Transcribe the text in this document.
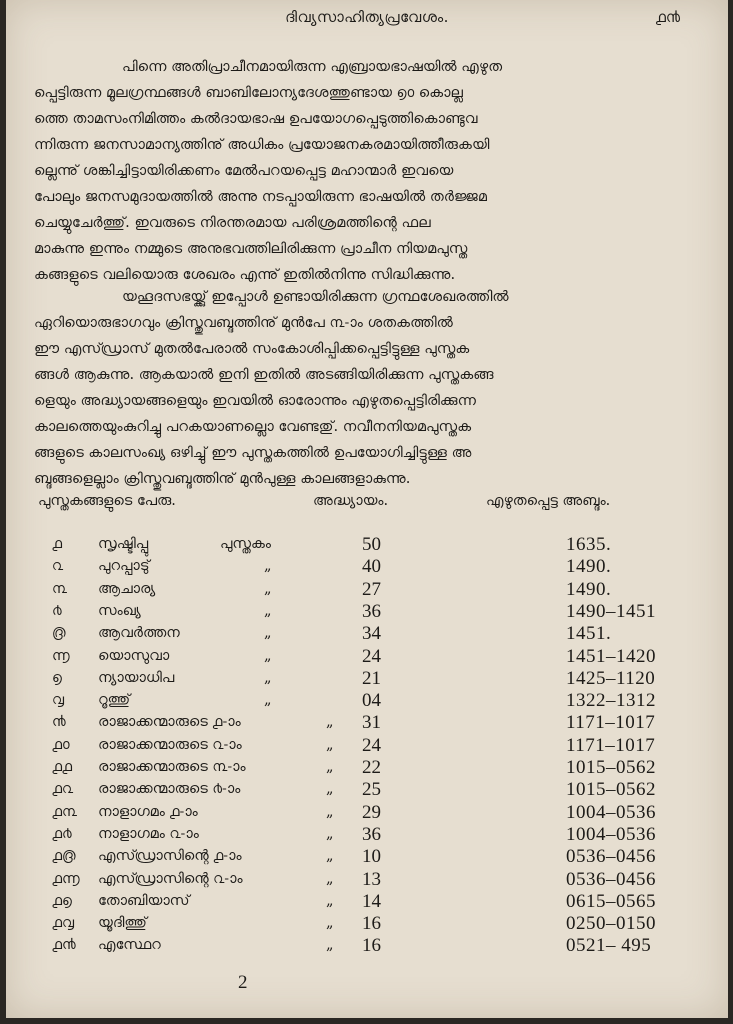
ദിവ്യസാഹിത്യപ്രവേശം.	൧൯
പിന്നെ അതിപ്രാചീനമായിരുന്ന എബ്രായഭാഷയിൽ എഴുത
പ്പെട്ടിരുന്ന മൂലഗ്രന്ഥങ്ങൾ ബാബിലോന്യദേശത്തുണ്ടായ ൭൦ കൊല്ല
ത്തെ താമസംനിമിത്തം കൽദായഭാഷ ഉപയോഗപ്പെടുത്തികൊണ്ടുവ
ന്നിരുന്ന ജനസാമാന്യത്തിനു് അധികം പ്രയോജനകരമായിത്തീരുകയി
ല്ലെന്നു് ശങ്കിച്ചിട്ടായിരിക്കണം മേൽപറയപ്പെട്ട മഹാന്മാർ ഇവയെ
പോലും ജനസമുദായത്തിൽ അന്നു നടപ്പായിരുന്ന ഭാഷയിൽ തർജ്ജമ
ചെയ്യുചേർത്തു്. ഇവരുടെ നിരന്തരമായ പരിശ്രമത്തിന്റെ ഫല
മാകുന്നു ഇന്നും നമ്മുടെ അനുഭവത്തിലിരിക്കുന്ന പ്രാചീന നിയമപുസ്ത
കങ്ങളുടെ വലിയൊരു ശേഖരം എന്നു് ഇതിൽനിന്നു സിദ്ധിക്കുന്നു.
യഹൂദസഭയ്ക്കു് ഇപ്പോൾ ഉണ്ടായിരിക്കുന്ന ഗ്രന്ഥശേഖരത്തിൽ
ഏറിയൊരുഭാഗവും ക്രിസ്തുവബ്ദത്തിനു് മുൻപേ ൩-ാം ശതകത്തിൽ
ഈ എസ്ഡ്രാസ് മുതൽപേരാൽ സംകോശിപ്പിക്കപ്പെട്ടിട്ടുള്ള പുസ്തക
ങ്ങൾ ആകുന്നു. ആകയാൽ ഇനി ഇതിൽ അടങ്ങിയിരിക്കുന്ന പുസ്തകങ്ങ
ളെയും അദ്ധ്യായങ്ങളെയും ഇവയിൽ ഓരോന്നും എഴുതപ്പെട്ടിരിക്കുന്ന
കാലത്തെയുംകുറിച്ചു പറകയാണല്ലൊ വേണ്ടതു്. നവീനനിയമപുസ്തക
ങ്ങളുടെ കാലസംഖ്യ ഒഴിച്ചു് ഈ പുസ്തകത്തിൽ ഉപയോഗിച്ചിട്ടുള്ള അ
ബ്ദങ്ങളെല്ലാം ക്രിസ്തുവബ്ദത്തിനു് മുൻപുള്ള കാലങ്ങളാകുന്നു.
പുസ്തകങ്ങളുടെ പേരു.	അദ്ധ്യായം.	എഴുതപ്പെട്ട അബ്ദം.
൧ സൃഷ്ടിപ്പു	പുസ്തകം	50	1635.
൨ പുറപ്പാടു്	„	40	1490.
൩ ആചാര്യ	„	27	1490.
൪	സംഖ്യ	„	36	1490–1451
൫ ആവർത്തന	„	34	1451.
൬ യൊസുവാ	„	24	1451–1420
൭ ന്യായാധിപ	„	21	1425–1120
൮ റൂത്തു്	„	04	1322–1312
൯ രാജാക്കന്മാരുടെ ൧-ാം	„ 31	1171–1017
൧൦ രാജാക്കന്മാരുടെ ൨-ാം	„ 24	1171–1017
൧൧ രാജാക്കന്മാരുടെ ൩-ാം	„ 22	1015–0562
൧൨ രാജാക്കന്മാരുടെ ൪-ാം	„ 25	1015–0562
൧൩ നാളാഗമം ൧-ാം	„ 29	1004–0536
൧൪ നാളാഗമം ൨-ാം	„ 36	1004–0536
൧൫ എസ്ഡ്രാസിന്റെ ൧-ാം	„ 10	0536–0456
൧൬ എസ്ഡ്രാസിന്റെ ൨-ാം	„ 13	0536–0456
൧൭ തോബിയാസ്	„ 14	0615–0565
൧൮ യൂദിത്തു്	„ 16	0250–0150
൧൯ എസ്ഥേറ	„ 16	0521– 495
2
